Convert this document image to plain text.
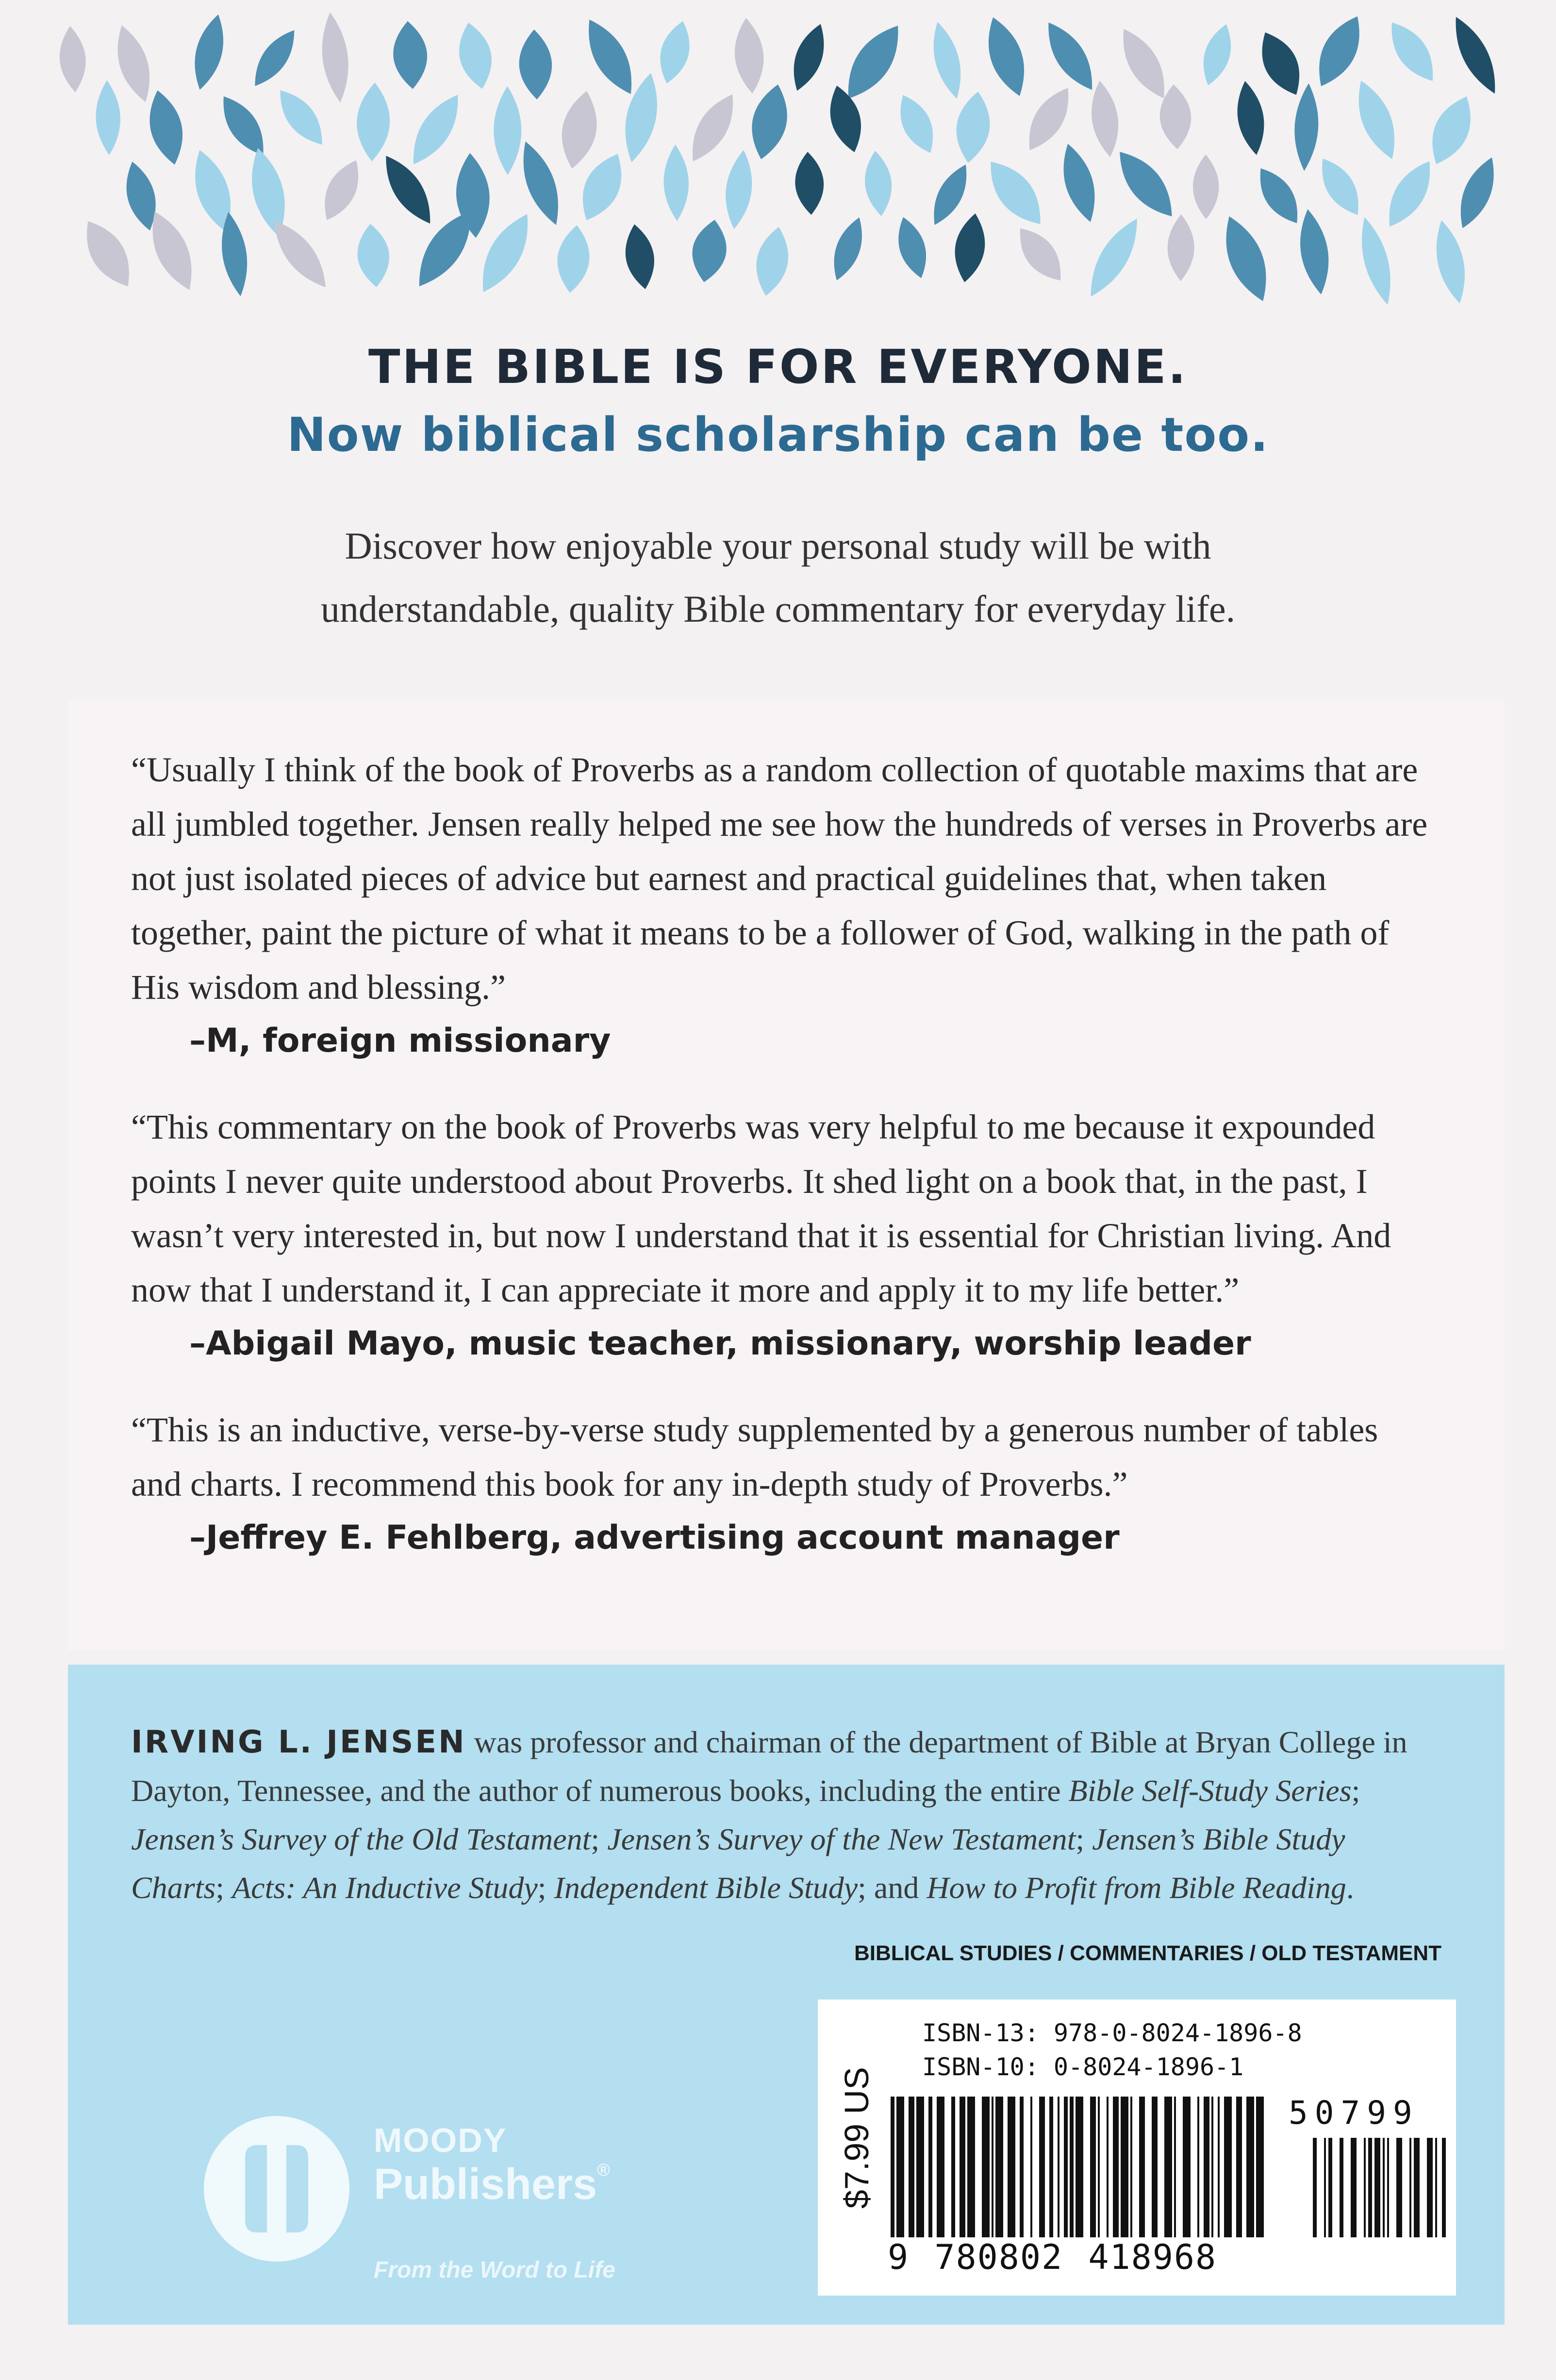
THE BIBLE IS FOR EVERYONE.
Now biblical scholarship can be too.

Discover how enjoyable your personal study will be with
understandable, quality Bible commentary for everyday life.

“Usually I think of the book of Proverbs as a random collection of quotable maxims that are all jumbled together. Jensen really helped me see how the hundreds of verses in Proverbs are not just isolated pieces of advice but earnest and practical guidelines that, when taken together, paint the picture of what it means to be a follower of God, walking in the path of His wisdom and blessing.”

–M, foreign missionary

“This commentary on the book of Proverbs was very helpful to me because it expounded points I never quite understood about Proverbs. It shed light on a book that, in the past, I wasn’t very interested in, but now I understand that it is essential for Christian living. And now that I understand it, I can appreciate it more and apply it to my life better.”

–Abigail Mayo, music teacher, missionary, worship leader

“This is an inductive, verse-by-verse study supplemented by a generous number of tables and charts. I recommend this book for any in-depth study of Proverbs.”

–Jeffrey E. Fehlberg, advertising account manager

IRVING L. JENSEN was professor and chairman of the department of Bible at Bryan College in Dayton, Tennessee, and the author of numerous books, including the entire Bible Self-Study Series; Jensen’s Survey of the Old Testament; Jensen’s Survey of the New Testament; Jensen’s Bible Study Charts; Acts: An Inductive Study; Independent Bible Study; and How to Profit from Bible Reading.

BIBLICAL STUDIES / COMMENTARIES / OLD TESTAMENT
MOODY
Publishers®
From the Word to Life
$7.99 US
ISBN-13: 978-0-8024-1896-8
ISBN-10: 0-8024-1896-1
50799
9 780802 418968
